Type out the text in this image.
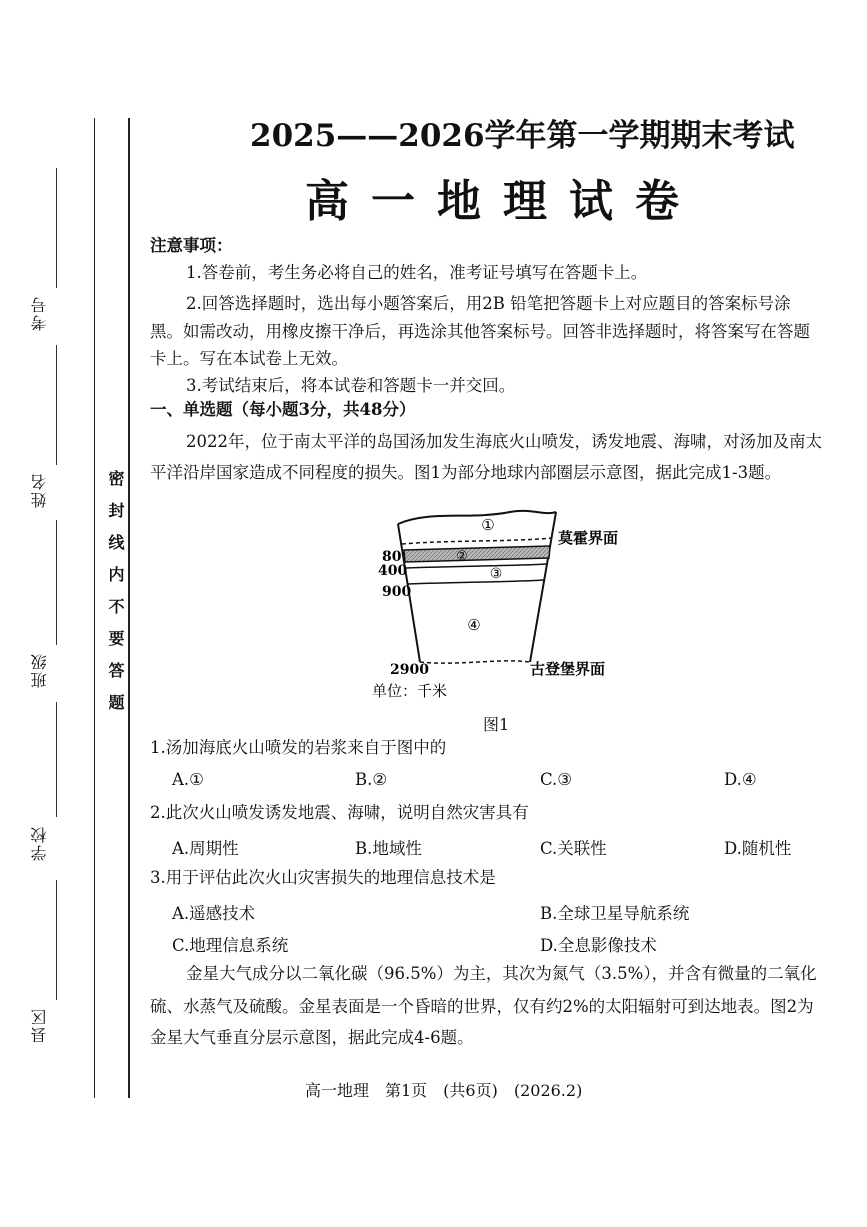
考号
姓名
班级
学校
县区
密封线内不要答题
2025——2026学年第一学期期末考试
高一地理试卷
注意事项：
1.答卷前，考生务必将自己的姓名，准考证号填写在答题卡上。
2.回答选择题时，选出每小题答案后，用2B 铅笔把答题卡上对应题目的答案标号涂
黑。如需改动，用橡皮擦干净后，再选涂其他答案标号。回答非选择题时，将答案写在答题
卡上。写在本试卷上无效。
3.考试结束后，将本试卷和答题卡一并交回。
一、单选题（每小题3分，共48分）
2022年，位于南太平洋的岛国汤加发生海底火山喷发，诱发地震、海啸，对汤加及南太
平洋沿岸国家造成不同程度的损失。图1为部分地球内部圈层示意图，据此完成1-3题。
①
②
③
④
80
400
900
2900
莫霍界面
古登堡界面
单位：千米
图1
1.汤加海底火山喷发的岩浆来自于图中的
A.①	B.②	C.③	D.④
2.此次火山喷发诱发地震、海啸，说明自然灾害具有
A.周期性	B.地域性	C.关联性	D.随机性
3.用于评估此次火山灾害损失的地理信息技术是
A.遥感技术	B.全球卫星导航系统
C.地理信息系统	D.全息影像技术
金星大气成分以二氧化碳（96.5%）为主，其次为氮气（3.5%），并含有微量的二氧化
硫、水蒸气及硫酸。金星表面是一个昏暗的世界，仅有约2%的太阳辐射可到达地表。图2为
金星大气垂直分层示意图，据此完成4-6题。
高一地理　第1页　(共6页)　(2026.2)
